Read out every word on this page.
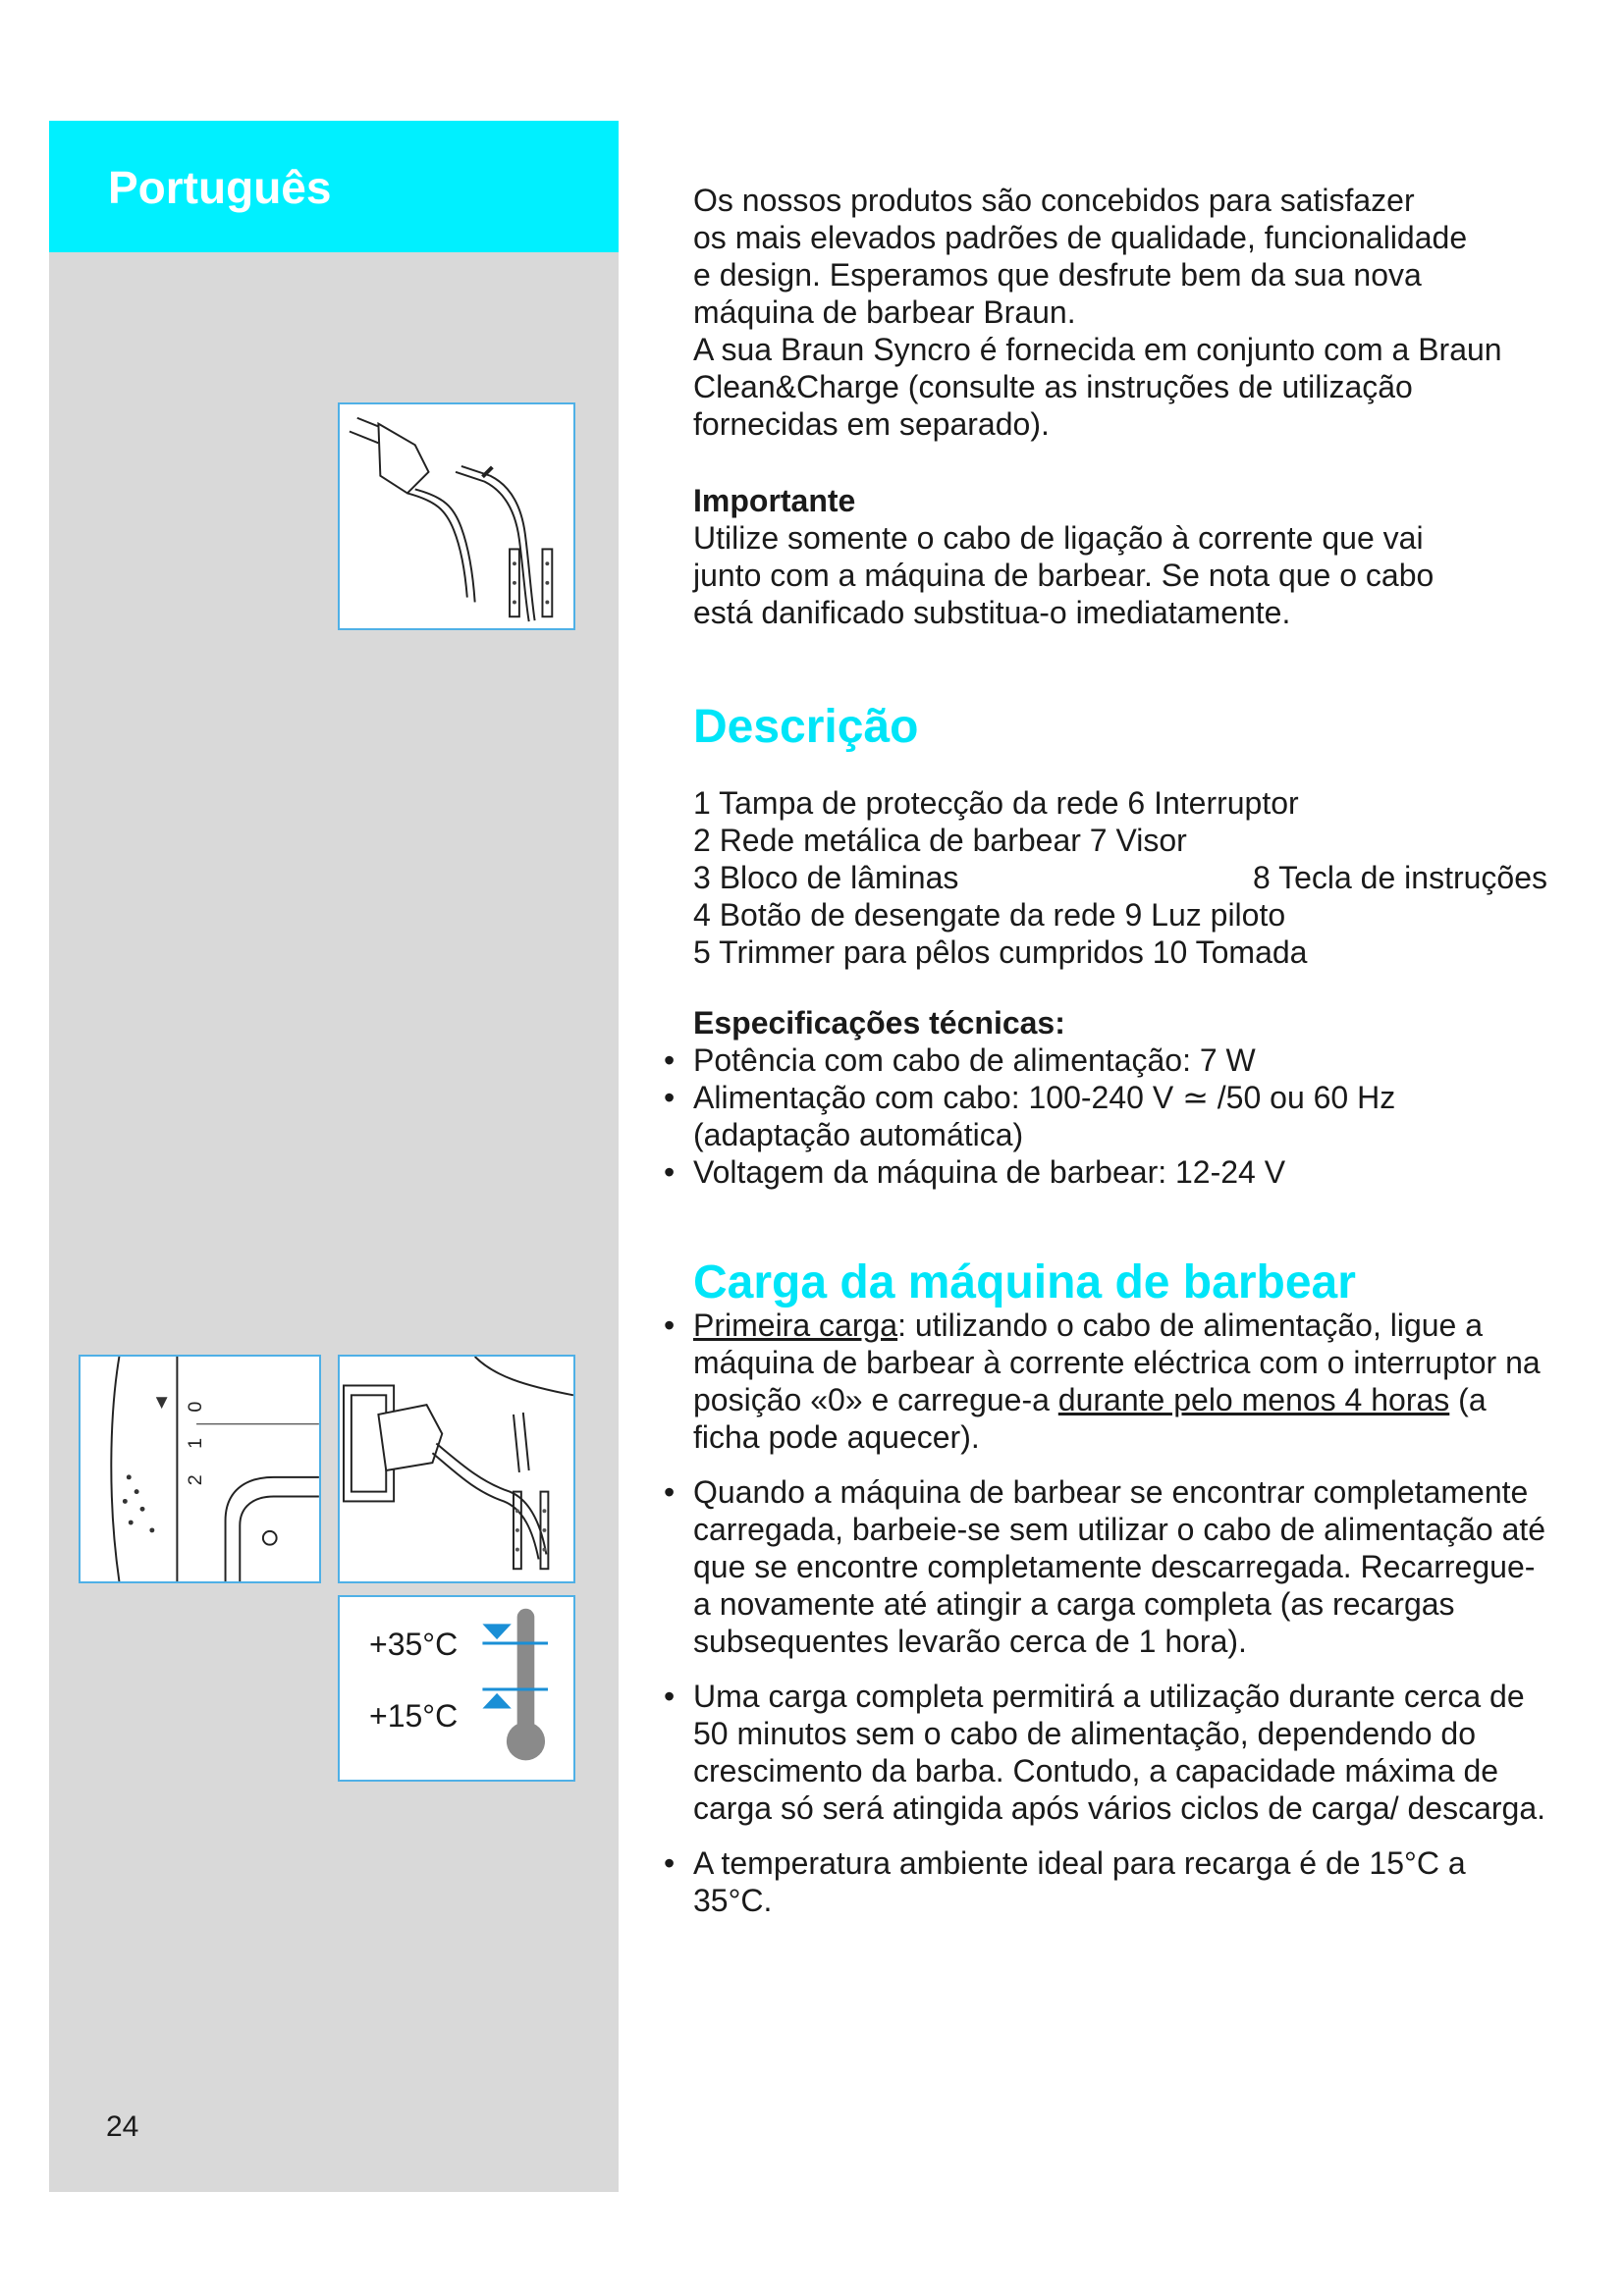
Português
0
1
2
+35°C
+15°C
24

Os nossos produtos são concebidos para satisfazer

os mais elevados padrões de qualidade, funcionalidade

e design. Esperamos que desfrute bem da sua nova

máquina de barbear Braun.

A sua Braun Syncro é fornecida em conjunto com a Braun

Clean&Charge (consulte as instruções de utilização

fornecidas em separado).

Importante

Utilize somente o cabo de ligação à corrente que vai

junto com a máquina de barbear. Se nota que o cabo

está danificado substitua-o imediatamente.

Descrição
1 Tampa de protecção da rede 6 Interruptor
2 Rede metálica de barbear 7 Visor
3 Bloco de lâminas	8 Tecla de instruções
4 Botão de desengate da rede 9 Luz piloto
5 Trimmer para pêlos cumpridos 10 Tomada

Especificações técnicas:

• Potência com cabo de alimentação: 7 W
• Alimentação com cabo: 100-240 V ≃ /50 ou 60 Hz
(adaptação automática)
• Voltagem da máquina de barbear: 12-24 V
Carga da máquina de barbear
• Primeira carga: utilizando o cabo de alimentação, ligue a máquina de barbear à corrente eléctrica com o interruptor na posição «0» e carregue-a durante pelo menos 4 horas (a ficha pode aquecer).
• Quando a máquina de barbear se encontrar completamente carregada, barbeie-se sem utilizar o cabo de alimentação até que se encontre completamente descarregada. Recarregue-a novamente até atingir a carga completa (as recargas subsequentes levarão cerca de 1 hora).
• Uma carga completa permitirá a utilização durante cerca de 50 minutos sem o cabo de alimentação, dependendo do crescimento da barba. Contudo, a capacidade máxima de carga só será atingida após vários ciclos de carga/ descarga.
• A temperatura ambiente ideal para recarga é de 15°C a 35°C.
